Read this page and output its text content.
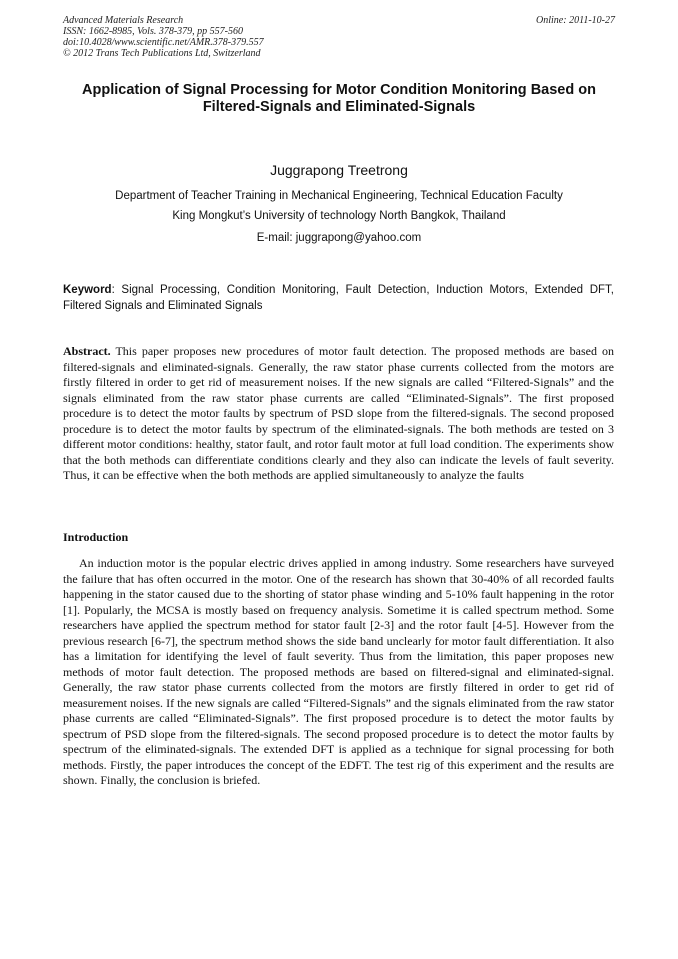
Advanced Materials Research
ISSN: 1662-8985, Vols. 378-379, pp 557-560
doi:10.4028/www.scientific.net/AMR.378-379.557
© 2012 Trans Tech Publications Ltd, Switzerland
Online: 2011-10-27
Application of Signal Processing for Motor Condition Monitoring Based on Filtered-Signals and Eliminated-Signals
Juggrapong Treetrong
Department of Teacher Training in Mechanical Engineering, Technical Education Faculty
King Mongkut’s University of technology North Bangkok, Thailand
E-mail: juggrapong@yahoo.com
Keyword: Signal Processing, Condition Monitoring, Fault Detection, Induction Motors, Extended DFT, Filtered Signals and Eliminated Signals
Abstract. This paper proposes new procedures of motor fault detection. The proposed methods are based on filtered-signals and eliminated-signals. Generally, the raw stator phase currents collected from the motors are firstly filtered in order to get rid of measurement noises. If the new signals are called “Filtered-Signals” and the signals eliminated from the raw stator phase currents are called “Eliminated-Signals”. The first proposed procedure is to detect the motor faults by spectrum of PSD slope from the filtered-signals. The second proposed procedure is to detect the motor faults by spectrum of the eliminated-signals. The both methods are tested on 3 different motor conditions: healthy, stator fault, and rotor fault motor at full load condition. The experiments show that the both methods can differentiate conditions clearly and they also can indicate the levels of fault severity. Thus, it can be effective when the both methods are applied simultaneously to analyze the faults
Introduction
An induction motor is the popular electric drives applied in among industry. Some researchers have surveyed the failure that has often occurred in the motor. One of the research has shown that 30-40% of all recorded faults happening in the stator caused due to the shorting of stator phase winding and 5-10% fault happening in the rotor [1]. Popularly, the MCSA is mostly based on frequency analysis. Sometime it is called spectrum method. Some researchers have applied the spectrum method for stator fault [2-3] and the rotor fault [4-5]. However from the previous research [6-7], the spectrum method shows the side band unclearly for motor fault differentiation. It also has a limitation for identifying the level of fault severity. Thus from the limitation, this paper proposes new methods of motor fault detection. The proposed methods are based on filtered-signal and eliminated-signal. Generally, the raw stator phase currents collected from the motors are firstly filtered in order to get rid of measurement noises. If the new signals are called “Filtered-Signals” and the signals eliminated from the raw stator phase currents are called “Eliminated-Signals”. The first proposed procedure is to detect the motor faults by spectrum of PSD slope from the filtered-signals. The second proposed procedure is to detect the motor faults by spectrum of the eliminated-signals. The extended DFT is applied as a technique for signal processing for both methods. Firstly, the paper introduces the concept of the EDFT. The test rig of this experiment and the results are shown. Finally, the conclusion is briefed.
